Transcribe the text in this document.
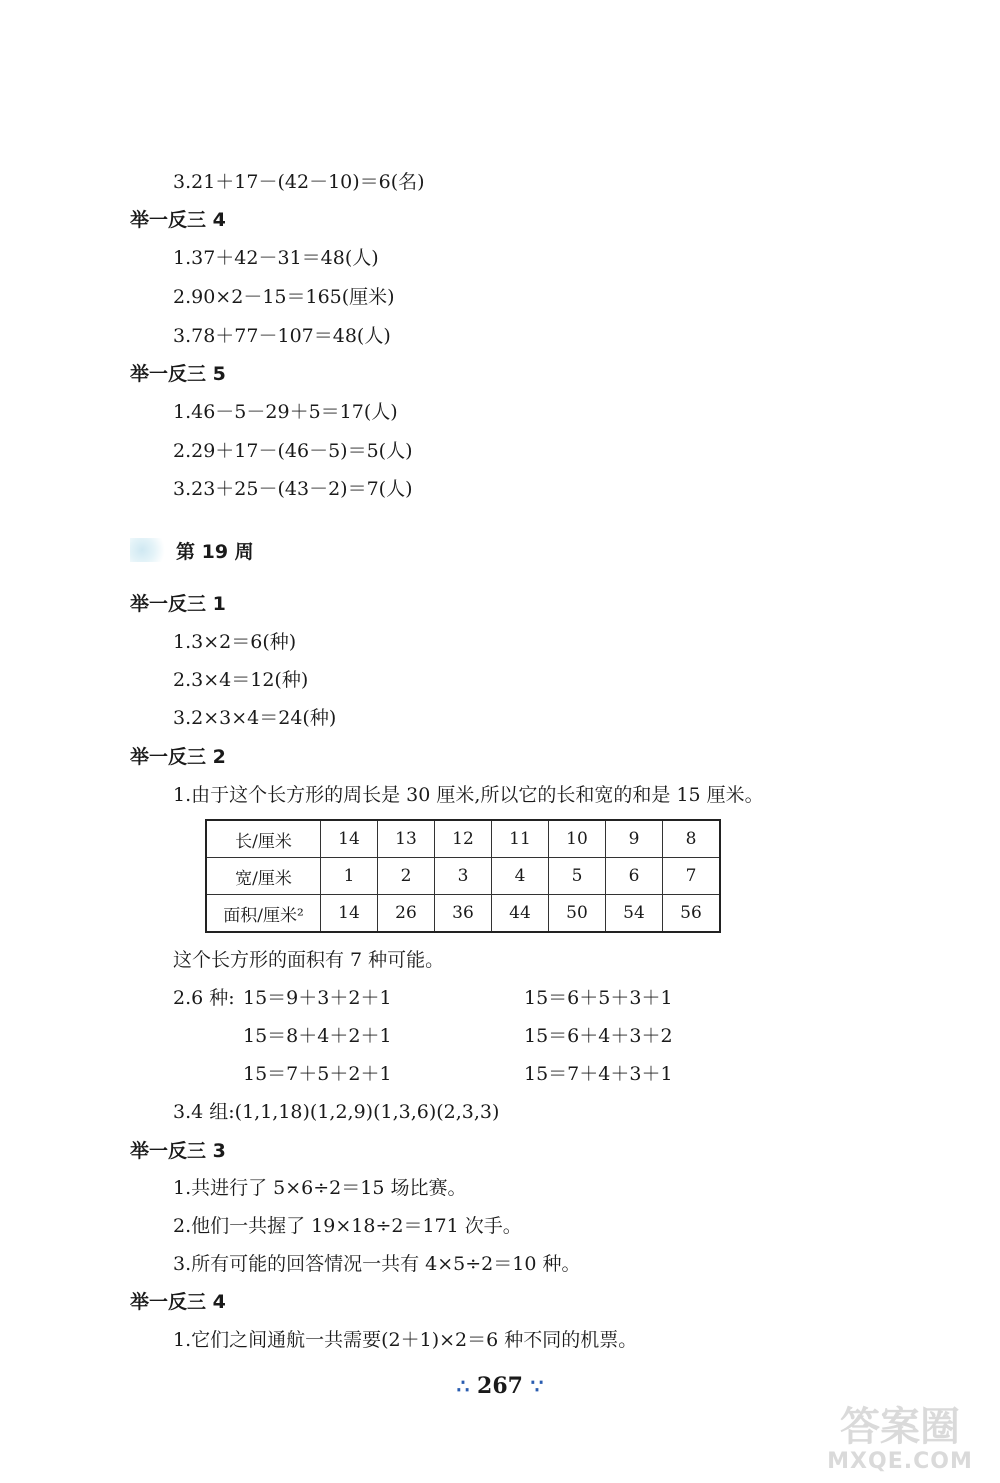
3.21＋17－(42－10)＝6(名)
举一反三 4
1.37＋42－31＝48(人)
2.90×2－15＝165(厘米)
3.78＋77－107＝48(人)
举一反三 5
1.46－5－29＋5＝17(人)
2.29＋17－(46－5)＝5(人)
3.23＋25－(43－2)＝7(人)
第 19 周
举一反三 1
1.3×2＝6(种)
2.3×4＝12(种)
3.2×3×4＝24(种)
举一反三 2
1.由于这个长方形的周长是 30 厘米,所以它的长和宽的和是 15 厘米。
长/厘米	14	13	12	11	10	9	8
宽/厘米	1	2	3	4	5	6	7
面积/厘米²	14	26	36	44	50	54	56
这个长方形的面积有 7 种可能。
2.6 种: 15＝9＋3＋2＋1	15＝6＋5＋3＋1
15＝8＋4＋2＋1	15＝6＋4＋3＋2
15＝7＋5＋2＋1	15＝7＋4＋3＋1
3.4 组:(1,1,18)(1,2,9)(1,3,6)(2,3,3)
举一反三 3
1.共进行了 5×6÷2＝15 场比赛。
2.他们一共握了 19×18÷2＝171 次手。
3.所有可能的回答情况一共有 4×5÷2＝10 种。
举一反三 4
1.它们之间通航一共需要(2＋1)×2＝6 种不同的机票。
∴ 267 ∵
答案圈
MXQE.COM
